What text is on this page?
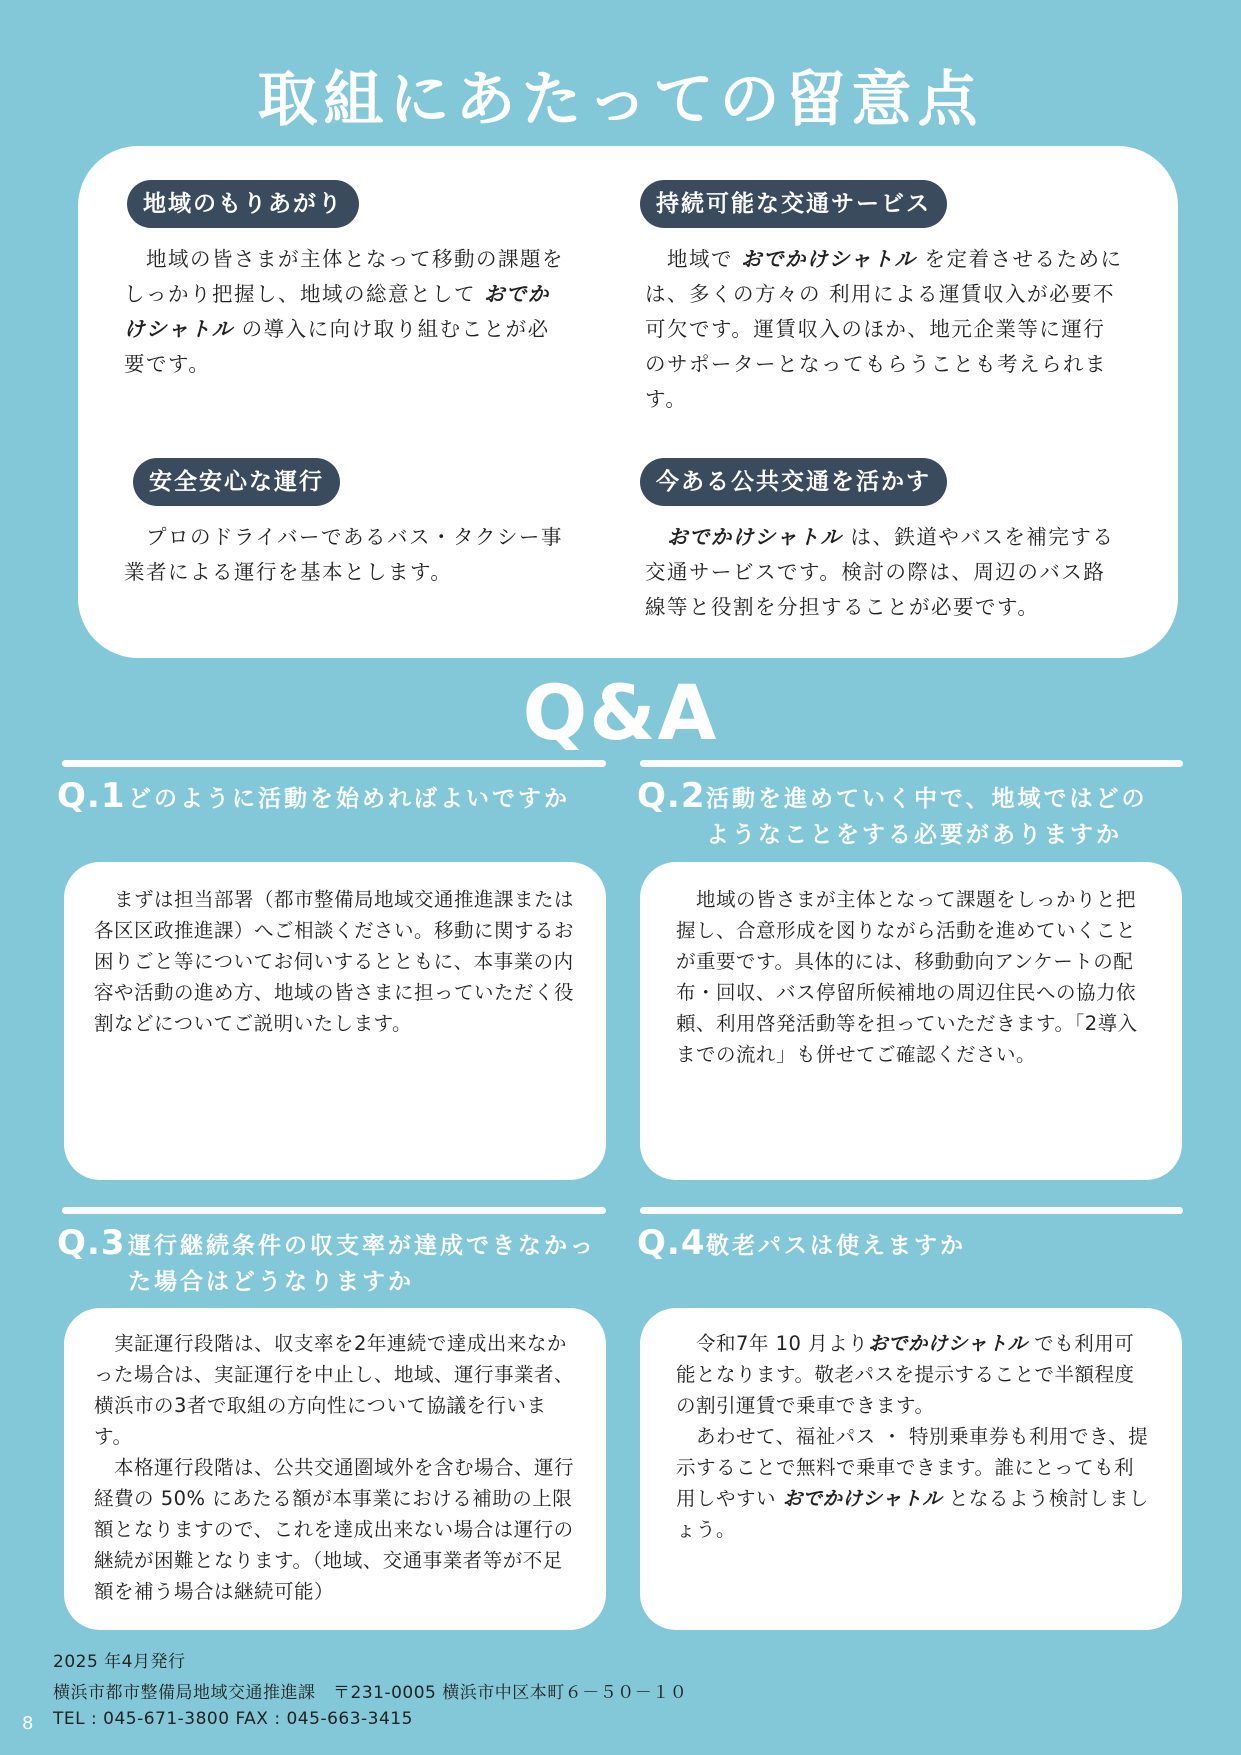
取組にあたっての留意点
地域のもりあがり
　地域の皆さまが主体となって移動の課題をしっかり把握し、地域の総意として おでかけシャトル の導入に向け取り組むことが必要です。
持続可能な交通サービス
　地域で おでかけシャトル を定着させるためには、多くの方々の 利用による運賃収入が必要不可欠です。運賃収入のほか、地元企業等に運行のサポーターとなってもらうことも考えられます。
安全安心な運行
　プロのドライバーであるバス・タクシー事業者による運行を基本とします。
今ある公共交通を活かす
　おでかけシャトル は、鉄道やバスを補完する交通サービスです。検討の際は、周辺のバス路線等と役割を分担することが必要です。
Q&A
Q.1 どのように活動を始めればよいですか
　まずは担当部署（都市整備局地域交通推進課または各区区政推進課）へご相談ください。移動に関するお困りごと等についてお伺いするとともに、本事業の内容や活動の進め方、地域の皆さまに担っていただく役割などについてご説明いたします。
Q.2 活動を進めていく中で、地域ではどの
ようなことをする必要がありますか
　地域の皆さまが主体となって課題をしっかりと把握し、合意形成を図りながら活動を進めていくことが重要です。具体的には、移動動向アンケートの配布・回収、バス停留所候補地の周辺住民への協力依頼、利用啓発活動等を担っていただきます。「2導入までの流れ」も併せてご確認ください。
Q.3 運行継続条件の収支率が達成できなかっ
た場合はどうなりますか
　実証運行段階は、収支率を2年連続で達成出来なかった場合は、実証運行を中止し、地域、運行事業者、横浜市の3者で取組の方向性について協議を行います。
　本格運行段階は、公共交通圏域外を含む場合、運行経費の 50% にあたる額が本事業における補助の上限額となりますので、これを達成出来ない場合は運行の継続が困難となります。（地域、交通事業者等が不足額を補う場合は継続可能）
Q.4 敬老パスは使えますか
　令和7年 10 月よりおでかけシャトル でも利用可能となります。敬老パスを提示することで半額程度の割引運賃で乗車できます。
　あわせて、福祉パス ・ 特別乗車券も利用でき、提示することで無料で乗車できます。誰にとっても利用しやすい おでかけシャトル となるよう検討しましょう。
2025 年4月発行
横浜市都市整備局地域交通推進課　〒231-0005 横浜市中区本町６－５０－１０
TEL : 045-671-3800 FAX : 045-663-3415
8
